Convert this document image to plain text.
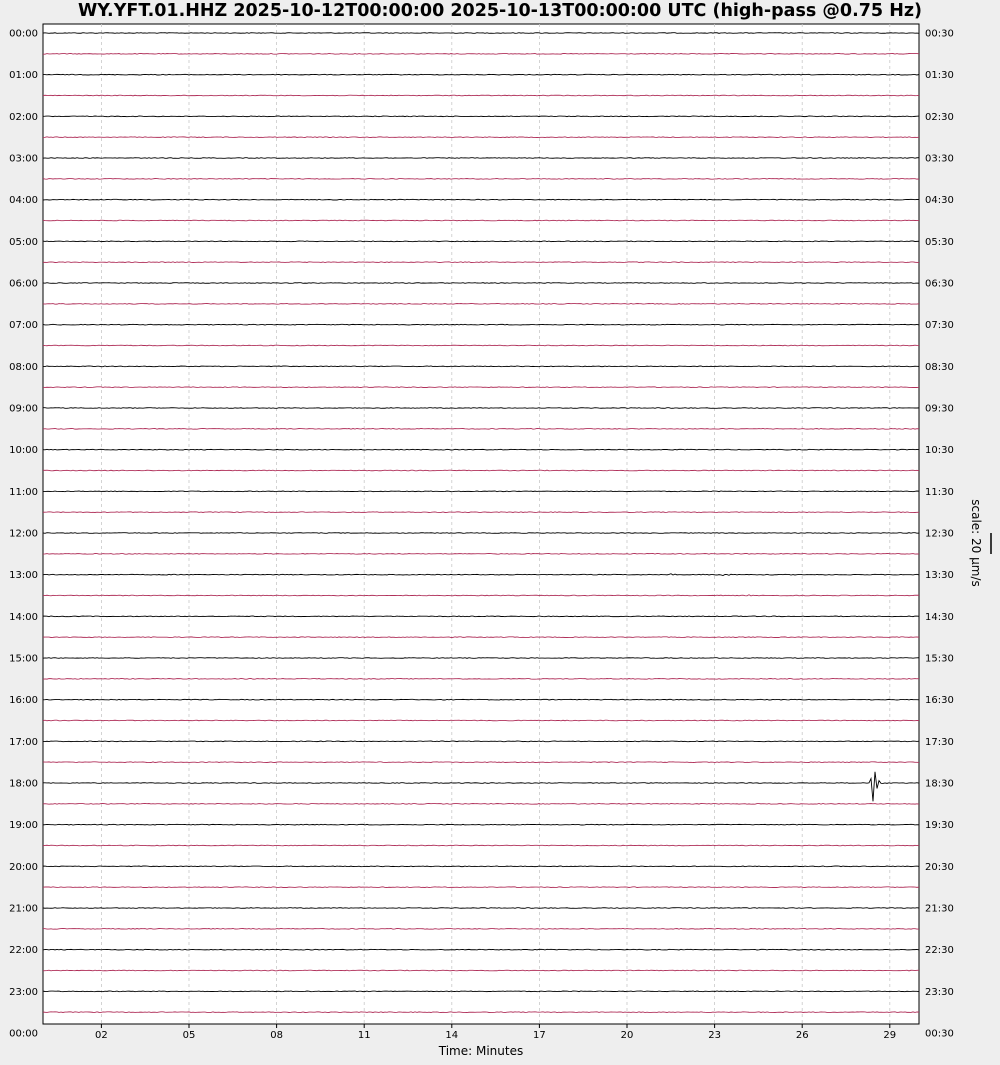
WY.YFT.01.HHZ 2025-10-12T00:00:00 2025-10-13T00:00:00 UTC (high-pass @0.75 Hz)
02	05	08	11	14	17	20	23	26	29
00:00
01:00
02:00
03:00
04:00
05:00
06:00
07:00
08:00
09:00
10:00
11:00
12:00
13:00
14:00
15:00
16:00
17:00
18:00
19:00
20:00
21:00
22:00
23:00
00:00
00:30
01:30
02:30
03:30
04:30
05:30
06:30
07:30
08:30
09:30
10:30
11:30
12:30
13:30
14:30
15:30
16:30
17:30
18:30
19:30
20:30
21:30
22:30
23:30
00:30
Time: Minutes
scale: 20 µm/s
